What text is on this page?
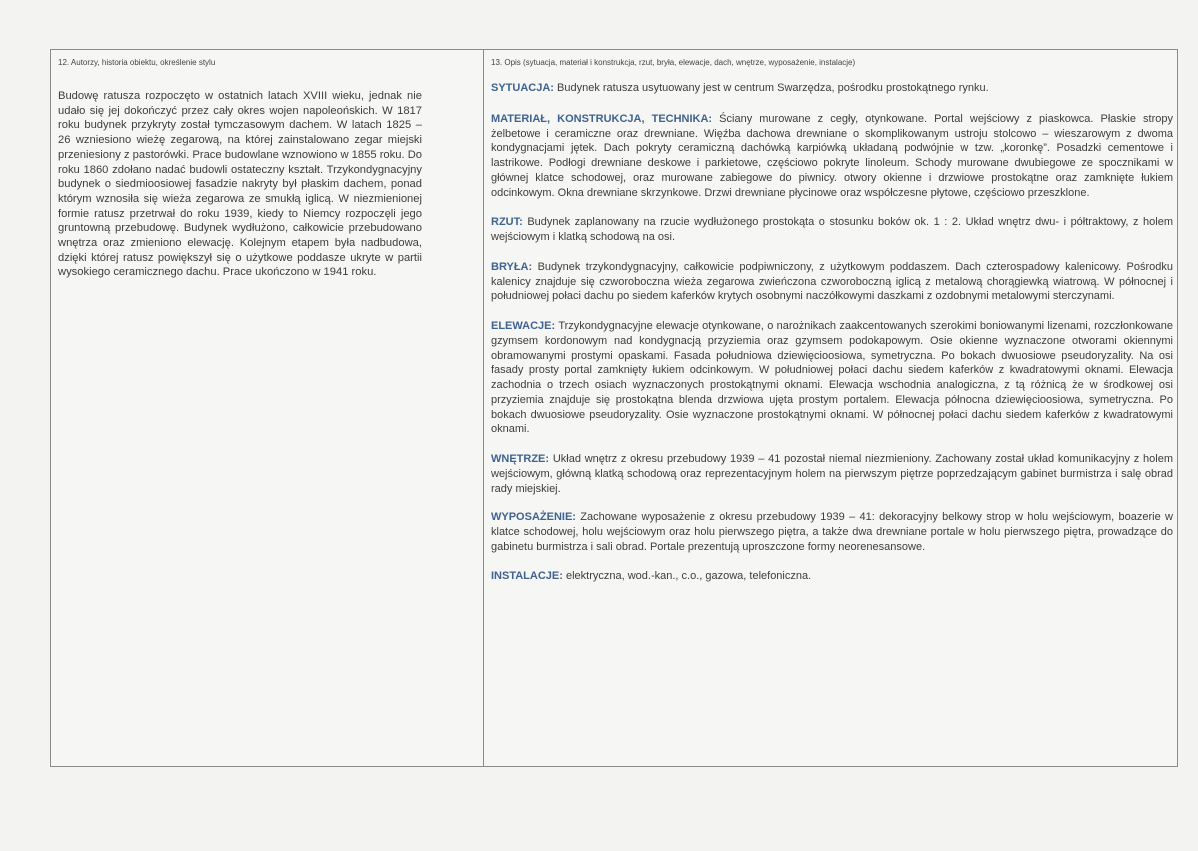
12. Autorzy, historia obiektu, określenie stylu

Budowę ratusza rozpoczęto w ostatnich latach XVIII wieku, jednak nie udało się jej dokończyć przez cały okres wojen napoleońskich. W 1817 roku budynek przykryty został tymczasowym dachem. W latach 1825 – 26 wzniesiono wieżę zegarową, na której zainstalowano zegar miejski przeniesiony z pastorówki. Prace budowlane wznowiono w 1855 roku. Do roku 1860 zdołano nadać budowli ostateczny kształt. Trzykondygnacyjny budynek o siedmioosiowej fasadzie nakryty był płaskim dachem, ponad którym wznosiła się wieża zegarowa ze smukłą iglicą. W niezmienionej formie ratusz przetrwał do roku 1939, kiedy to Niemcy rozpoczęli jego gruntowną przebudowę. Budynek wydłużono, całkowicie przebudowano wnętrza oraz zmieniono elewację. Kolejnym etapem była nadbudowa, dzięki której ratusz powiększył się o użytkowe poddasze ukryte w partii wysokiego ceramicznego dachu. Prace ukończono w 1941 roku.

13. Opis (sytuacja, materiał i konstrukcja, rzut, bryła, elewacje, dach, wnętrze, wyposażenie, instalacje)

SYTUACJA: Budynek ratusza usytuowany jest w centrum Swarzędza, pośrodku prostokątnego rynku.

MATERIAŁ, KONSTRUKCJA, TECHNIKA: Ściany murowane z cegły, otynkowane. Portal wejściowy z piaskowca. Płaskie stropy żelbetowe i ceramiczne oraz drewniane. Więźba dachowa drewniane o skomplikowanym ustroju stolcowo – wieszarowym z dwoma kondygnacjami jętek. Dach pokryty ceramiczną dachówką karpiówką układaną podwójnie w tzw. „koronkę”. Posadzki cementowe i lastrikowe. Podłogi drewniane deskowe i parkietowe, częściowo pokryte linoleum. Schody murowane dwubiegowe ze spocznikami w głównej klatce schodowej, oraz murowane zabiegowe do piwnicy. otwory okienne i drzwiowe prostokątne oraz zamknięte łukiem odcinkowym. Okna drewniane skrzynkowe. Drzwi drewniane płycinowe oraz współczesne płytowe, częściowo przeszklone.

RZUT: Budynek zaplanowany na rzucie wydłużonego prostokąta o stosunku boków ok. 1 : 2. Układ wnętrz dwu- i półtraktowy, z holem wejściowym i klatką schodową na osi.

BRYŁA: Budynek trzykondygnacyjny, całkowicie podpiwniczony, z użytkowym poddaszem. Dach czterospadowy kalenicowy. Pośrodku kalenicy znajduje się czworoboczna wieża zegarowa zwieńczona czworoboczną iglicą z metalową chorągiewką wiatrową. W północnej i południowej połaci dachu po siedem kaferków krytych osobnymi naczółkowymi daszkami z ozdobnymi metalowymi sterczynami.

ELEWACJE: Trzykondygnacyjne elewacje otynkowane, o narożnikach zaakcentowanych szerokimi boniowanymi lizenami, rozczłonkowane gzymsem kordonowym nad kondygnacją przyziemia oraz gzymsem podokapowym. Osie okienne wyznaczone otworami okiennymi obramowanymi prostymi opaskami. Fasada południowa dziewięcioosiowa, symetryczna. Po bokach dwuosiowe pseudoryzality. Na osi fasady prosty portal zamknięty łukiem odcinkowym. W południowej połaci dachu siedem kaferków z kwadratowymi oknami. Elewacja zachodnia o trzech osiach wyznaczonych prostokątnymi oknami. Elewacja wschodnia analogiczna, z tą różnicą że w środkowej osi przyziemia znajduje się prostokątna blenda drzwiowa ujęta prostym portalem. Elewacja północna dziewięcioosiowa, symetryczna. Po bokach dwuosiowe pseudoryzality. Osie wyznaczone prostokątnymi oknami. W północnej połaci dachu siedem kaferków z kwadratowymi oknami.

WNĘTRZE: Układ wnętrz z okresu przebudowy 1939 – 41 pozostał niemal niezmieniony. Zachowany został układ komunikacyjny z holem wejściowym, główną klatką schodową oraz reprezentacyjnym holem na pierwszym piętrze poprzedzającym gabinet burmistrza i salę obrad rady miejskiej.

WYPOSAŻENIE: Zachowane wyposażenie z okresu przebudowy 1939 – 41: dekoracyjny belkowy strop w holu wejściowym, boazerie w klatce schodowej, holu wejściowym oraz holu pierwszego piętra, a także dwa drewniane portale w holu pierwszego piętra, prowadzące do gabinetu burmistrza i sali obrad. Portale prezentują uproszczone formy neorenesansowe.

INSTALACJE: elektryczna, wod.-kan., c.o., gazowa, telefoniczna.
